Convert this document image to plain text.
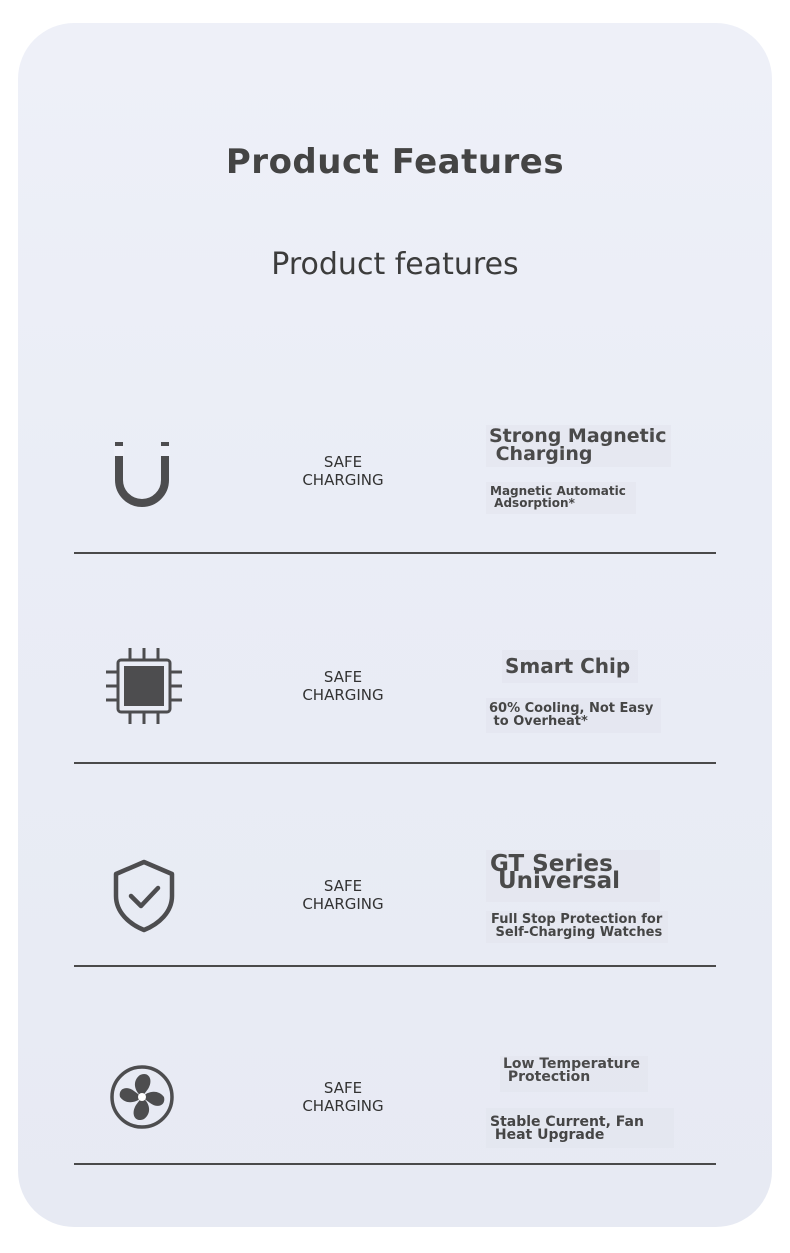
Product Features
Product features
SAFE
CHARGING
Strong Magnetic
Charging
Magnetic Automatic
Adsorption*
SAFE
CHARGING
Smart Chip
60% Cooling, Not Easy
to Overheat*
SAFE
CHARGING
GT Series
Universal
Full Stop Protection for
Self-Charging Watches
SAFE
CHARGING
Low Temperature
Protection
Stable Current, Fan
Heat Upgrade
